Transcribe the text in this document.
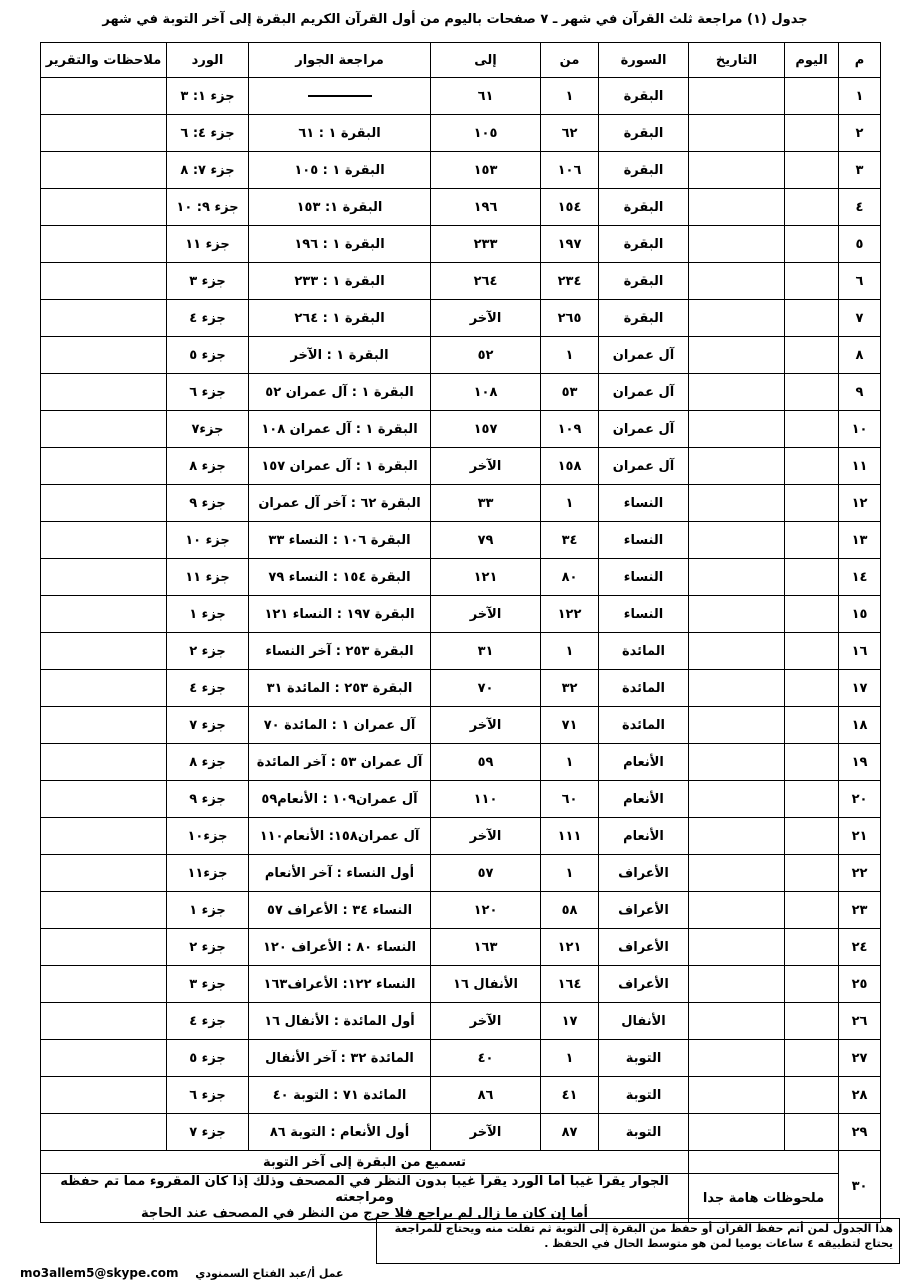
جدول (١) مراجعة ثلث القرآن في شهر ـ ٧ صفحات باليوم من أول القرآن الكريم البقرة إلى آخر التوبة في شهر
م	اليوم	التاريخ	السورة	من	إلى	مراجعة الجوار	الورد	ملاحظات والتقرير
١			البقرة	١	٦١		جزء ١: ٣	
٢			البقرة	٦٢	١٠٥	البقرة ١ : ٦١	جزء ٤: ٦	
٣			البقرة	١٠٦	١٥٣	البقرة ١ : ١٠٥	جزء ٧: ٨	
٤			البقرة	١٥٤	١٩٦	البقرة ١: ١٥٣	جزء ٩: ١٠	
٥			البقرة	١٩٧	٢٣٣	البقرة ١ : ١٩٦	جزء ١١	
٦			البقرة	٢٣٤	٢٦٤	البقرة ١ : ٢٣٣	جزء ٣	
٧			البقرة	٢٦٥	الآخر	البقرة ١ : ٢٦٤	جزء ٤	
٨			آل عمران	١	٥٢	البقرة ١ : الآخر	جزء ٥	
٩			آل عمران	٥٣	١٠٨	البقرة ١ : آل عمران ٥٢	جزء ٦	
١٠			آل عمران	١٠٩	١٥٧	البقرة ١ : آل عمران ١٠٨	جزء٧	
١١			آل عمران	١٥٨	الآخر	البقرة ١ : آل عمران ١٥٧	جزء ٨	
١٢			النساء	١	٣٣	البقرة ٦٢ : آخر آل عمران	جزء ٩	
١٣			النساء	٣٤	٧٩	البقرة ١٠٦ : النساء ٣٣	جزء ١٠	
١٤			النساء	٨٠	١٢١	البقرة ١٥٤ : النساء ٧٩	جزء ١١	
١٥			النساء	١٢٢	الآخر	البقرة ١٩٧ : النساء ١٢١	جزء ١	
١٦			المائدة	١	٣١	البقرة ٢٥٣ : آخر النساء	جزء ٢	
١٧			المائدة	٣٢	٧٠	البقرة ٢٥٣ : المائدة ٣١	جزء ٤	
١٨			المائدة	٧١	الآخر	آل عمران ١ : المائدة ٧٠	جزء ٧	
١٩			الأنعام	١	٥٩	آل عمران ٥٣ : آخر المائدة	جزء ٨	
٢٠			الأنعام	٦٠	١١٠	آل عمران١٠٩ : الأنعام٥٩	جزء ٩	
٢١			الأنعام	١١١	الآخر	آل عمران١٥٨: الأنعام١١٠	جزء١٠	
٢٢			الأعراف	١	٥٧	أول النساء : آخر الأنعام	جزء١١	
٢٣			الأعراف	٥٨	١٢٠	النساء ٣٤ : الأعراف ٥٧	جزء ١	
٢٤			الأعراف	١٢١	١٦٣	النساء ٨٠ : الأعراف ١٢٠	جزء ٢	
٢٥			الأعراف	١٦٤	الأنفال ١٦	النساء ١٢٢: الأعراف١٦٣	جزء ٣	
٢٦			الأنفال	١٧	الآخر	أول المائدة : الأنفال ١٦	جزء ٤	
٢٧			التوبة	١	٤٠	المائدة ٣٢ : آخر الأنفال	جزء ٥	
٢٨			التوبة	٤١	٨٦	المائدة ٧١ : التوبة ٤٠	جزء ٦	
٢٩			التوبة	٨٧	الآخر	أول الأنعام : التوبة ٨٦	جزء ٧	
٣٠			تسميع من البقرة إلى آخر التوبة					
	ملحوظات هامة جدا		الجوار يقرأ غيبا أما الورد يقرأ غيبا بدون النظر في المصحف وذلك إذا كان المقروء مما تم حفظه ومراجعته
أما إن كان ما زال لم يراجع فلا حرج من النظر في المصحف عند الحاجة					
هذا الجدول لمن أتم حفظ القرآن أو حفظ من البقرة إلى التوبة ثم تفلت منه ويحتاج للمراجعة
يحتاج لتطبيقه ٤ ساعات يوميا لمن هو متوسط الحال في الحفظ .
mo3allem5@skype.com عمل أ/عبد الفتاح السمنودي
